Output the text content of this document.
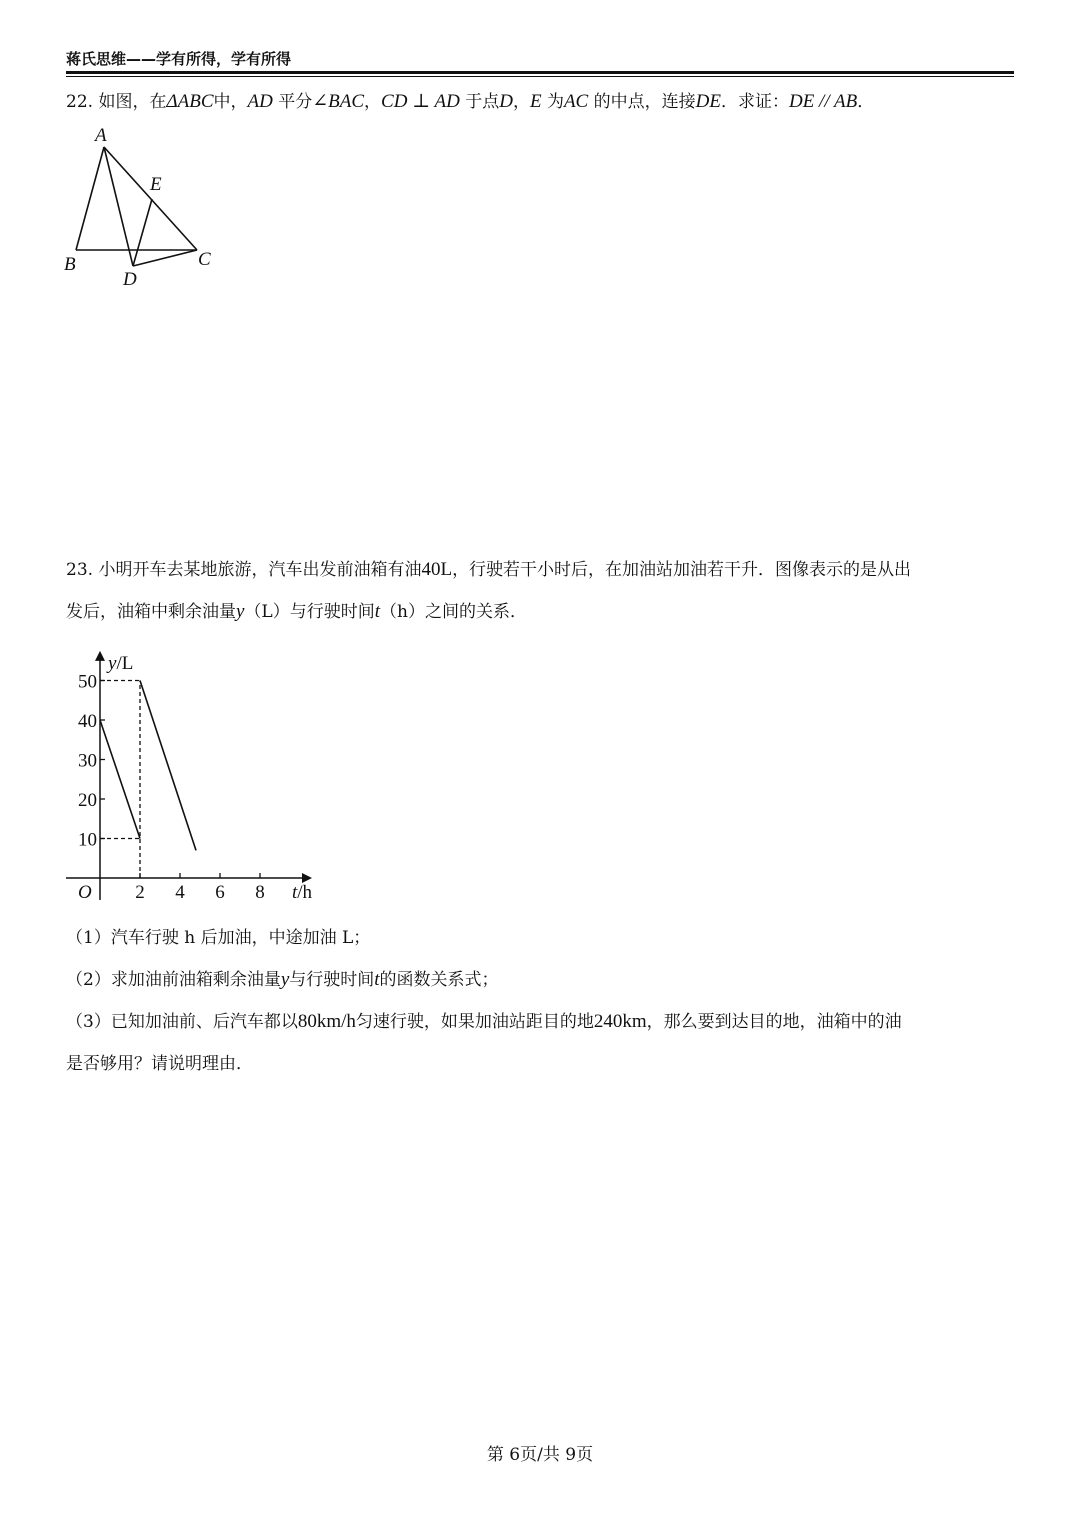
蒋氏思维——学有所得，学有所得
22. 如图，在ΔABC中，AD 平分∠BAC，CD ⊥ AD 于点D，E 为AC 的中点，连接DE．求证：DE // AB．
A
E
B	C
D
23. 小明开车去某地旅游，汽车出发前油箱有油40L，行驶若干小时后，在加油站加油若干升．图像表示的是从出
发后，油箱中剩余油量y（L）与行驶时间t（h）之间的关系．
2 4 6 8
10
20
30
40
50
O
y/L
t/h
（1）汽车行驶 h 后加油，中途加油 L；
（2）求加油前油箱剩余油量y与行驶时间t的函数关系式；
（3）已知加油前、后汽车都以80km/h匀速行驶，如果加油站距目的地240km，那么要到达目的地，油箱中的油
是否够用？请说明理由．
第 6页/共 9页
